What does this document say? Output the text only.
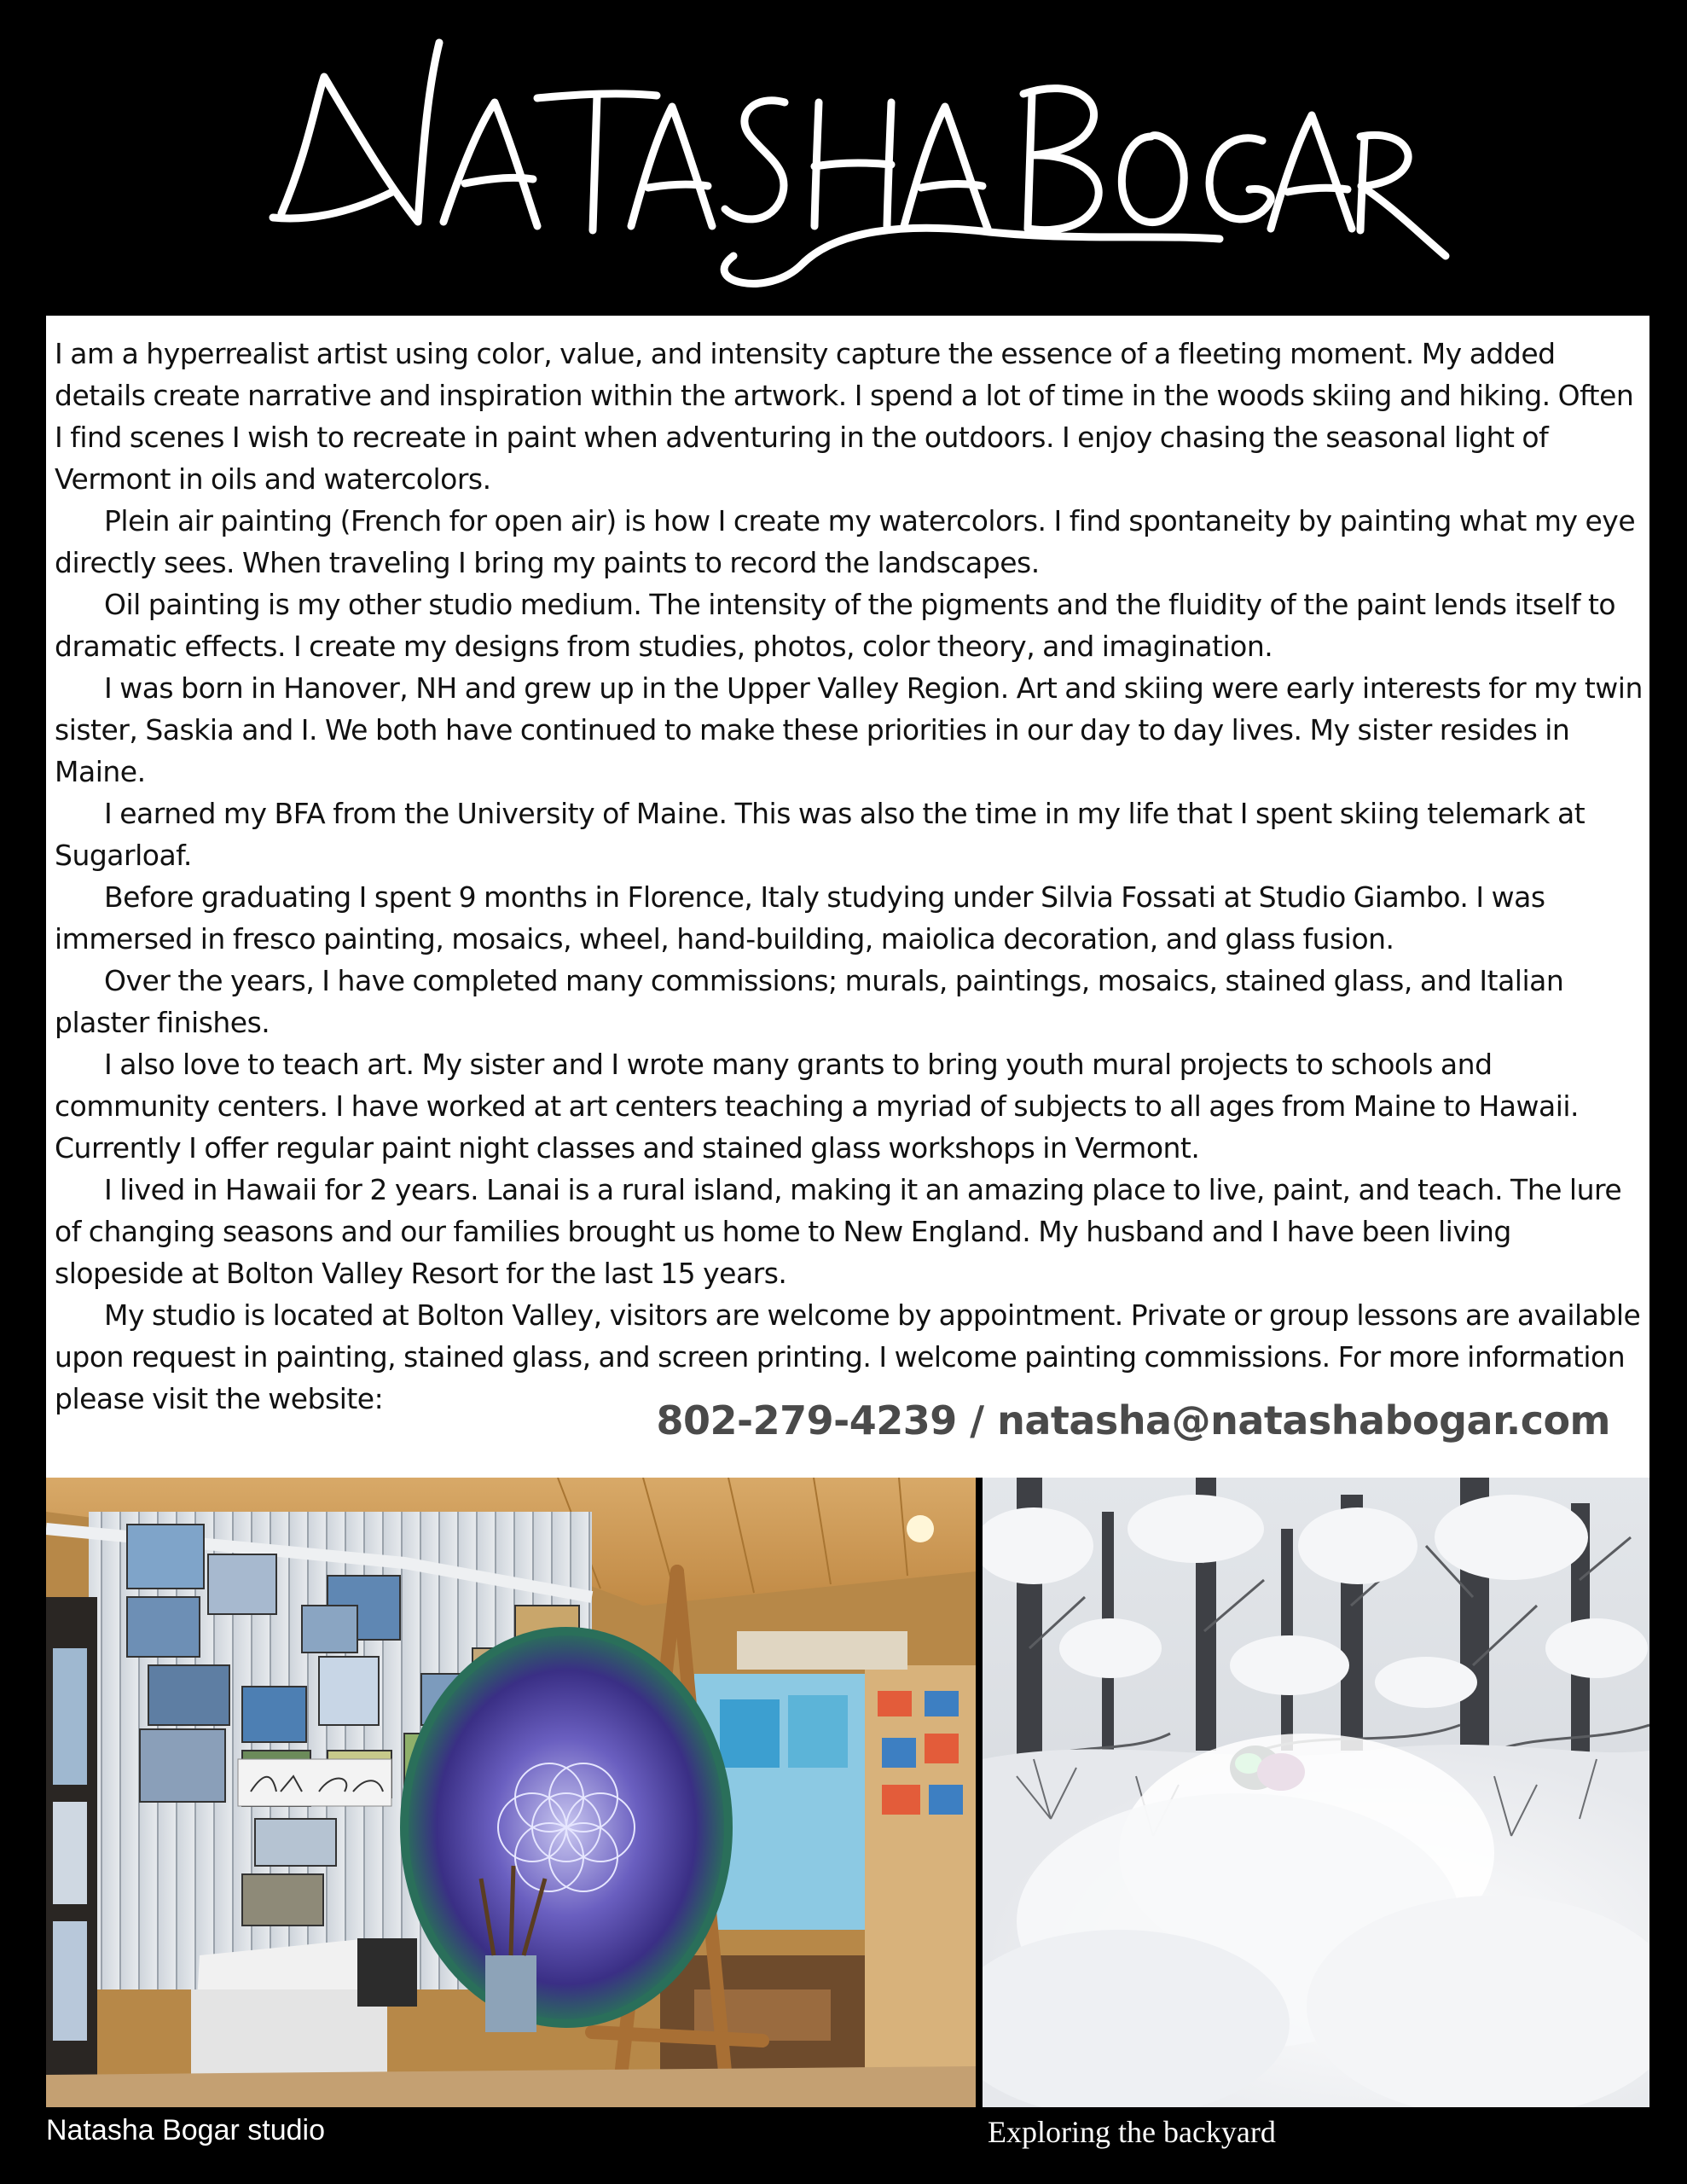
I am a hyperrealist artist using color, value, and intensity capture the essence of a fleeting moment. My added details create narrative and inspiration within the artwork. I spend a lot of time in the woods skiing and hiking. Often I find scenes I wish to recreate in paint when adventuring in the outdoors. I enjoy chasing the seasonal light of Vermont in oils and watercolors.

Plein air painting (French for open air) is how I create my watercolors. I find spontaneity by painting what my eye directly sees. When traveling I bring my paints to record the landscapes.

Oil painting is my other studio medium. The intensity of the pigments and the fluidity of the paint lends itself to dramatic effects. I create my designs from studies, photos, color theory, and imagination.

I was born in Hanover, NH and grew up in the Upper Valley Region. Art and skiing were early interests for my twin sister, Saskia and I. We both have continued to make these priorities in our day to day lives. My sister resides in Maine.

I earned my BFA from the University of Maine. This was also the time in my life that I spent skiing telemark at Sugarloaf.

Before graduating I spent 9 months in Florence, Italy studying under Silvia Fossati at Studio Giambo. I was immersed in fresco painting, mosaics, wheel, hand-building, maiolica decoration, and glass fusion.

Over the years, I have completed many commissions; murals, paintings, mosaics, stained glass, and Italian plaster finishes.

I also love to teach art. My sister and I wrote many grants to bring youth mural projects to schools and community centers. I have worked at art centers teaching a myriad of subjects to all ages from Maine to Hawaii. Currently I offer regular paint night classes and stained glass workshops in Vermont.

I lived in Hawaii for 2 years. Lanai is a rural island, making it an amazing place to live, paint, and teach. The lure of changing seasons and our families brought us home to New England. My husband and I have been living slopeside at Bolton Valley Resort for the last 15 years.

My studio is located at Bolton Valley, visitors are welcome by appointment. Private or group lessons are available upon request in painting, stained glass, and screen printing. I welcome painting commissions. For more information please visit the website:	802-279-4239 / natasha@natashabogar.com
Natasha Bogar studio	Exploring the backyard
